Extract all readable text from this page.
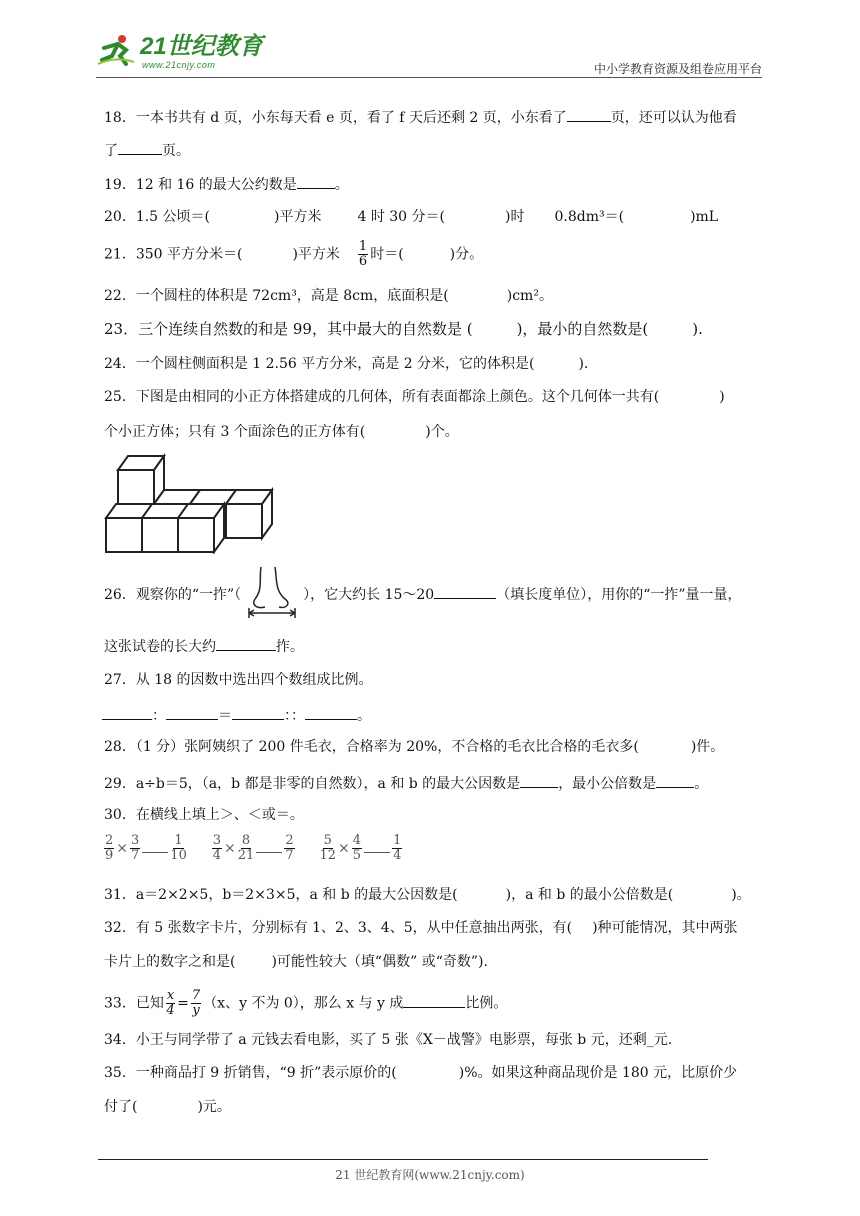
21世纪教育
www.21cnjy.com	中小学教育资源及组卷应用平台
18．一本书共有 d 页，小东每天看 e 页，看了 f 天后还剩 2 页，小东看了	页，还可以认为他看
了	页。
19．12 和 16 的最大公约数是	。
20．1.5 公顷＝(	)平方米	4 时 30 分＝(	)时 0.8dm³＝(	)mL
21．350 平方分米＝(	)平方米 $\frac{1}{6}$ 时＝(	)分。
22．一个圆柱的体积是 72cm³，高是 8cm，底面积是(	)cm²。
23．三个连续自然数的和是 99，其中最大的自然数是 (	)，最小的自然数是(	).
24．一个圆柱侧面积是 1 2.56 平方分米，高是 2 分米，它的体积是(	)．
25．下图是由相同的小正方体搭建成的几何体，所有表面都涂上颜色。这个几何体一共有(	)
个小正方体；只有 3 个面涂色的正方体有(	)个。
26．观察你的“一拃”（	），它大约长 15～20	（填长度单位），用你的“一拃”量一量，
这张试卷的长大约	拃。
27．从 18 的因数中选出四个数组成比例。
：	＝	：：	。
28．（1 分）张阿姨织了 200 件毛衣，合格率为 20%，不合格的毛衣比合格的毛衣多(	)件。
29．a÷b＝5，（a，b 都是非零的自然数），a 和 b 的最大公因数是	，最小公倍数是	。
30．在横线上填上＞、＜或＝。
$\frac{2}{9} \times \frac{3}{7} \frac{1}{10}$
$\frac{3}{4} \times \frac{8}{21} \frac{2}{7}$
$\frac{5}{12} \times \frac{4}{5} \frac{1}{4}$
31．a＝2×2×5，b＝2×3×5，a 和 b 的最大公因数是(	)，a 和 b 的最小公倍数是(	)。
32．有 5 张数字卡片，分别标有 1、2、3、4、5，从中任意抽出两张，有( )种可能情况，其中两张
卡片上的数字之和是(	)可能性较大（填“偶数” 或“奇数”).
33．已知 $\frac{x}{4} = \frac{7}{y} (x$、y 不为 0），那么 x 与 y 成	比例。
34．小王与同学带了 a 元钱去看电影，买了 5 张《X－战警》电影票，每张 b 元，还剩_元.
35．一种商品打 9 折销售，“9 折”表示原价的(	)%。如果这种商品现价是 180 元，比原价少
付了(	)元。
21 世纪教育网(www.21cnjy.com)
